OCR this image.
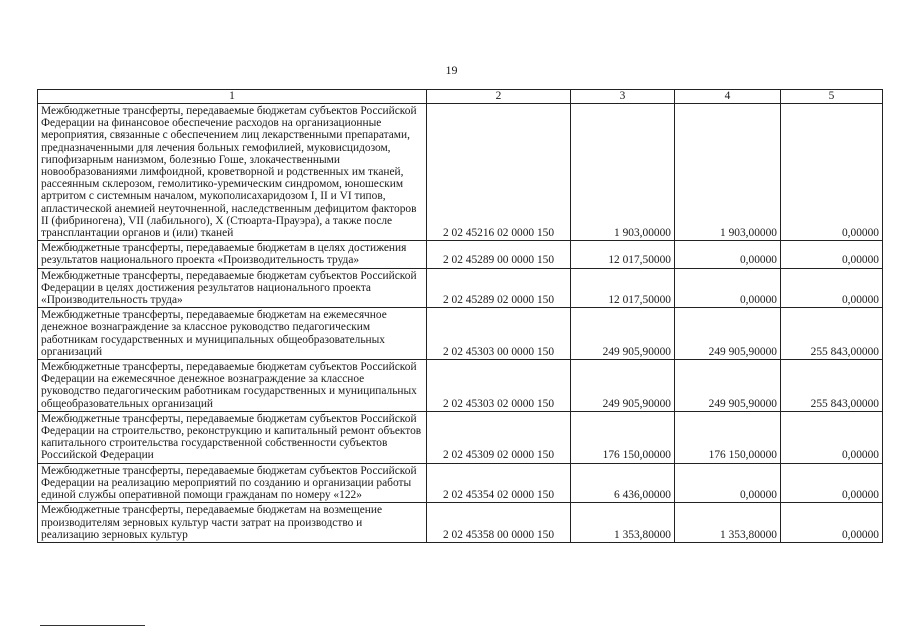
19
1	2	3	4	5
Межбюджетные трансферты, передаваемые бюджетам субъектов Российской Федерации на финансовое обеспечение расходов на организационные мероприятия, связанные с обеспечением лиц лекарственными препаратами, предназначенными для лечения больных гемофилией, муковисцидозом, гипофизарным нанизмом, болезнью Гоше, злокачественными новообразованиями лимфоидной, кроветворной и родственных им тканей, рассеянным склерозом, гемолитико-уремическим синдромом, юношеским артритом с системным началом, мукополисахаридозом I, II и VI типов, апластической анемией неуточненной, наследственным дефицитом факторов II (фибриногена), VII (лабильного), X (Стюарта-Прауэра), а также после трансплантации органов и (или) тканей	2 02 45216 02 0000 150	1 903,00000	1 903,00000	0,00000
Межбюджетные трансферты, передаваемые бюджетам в целях достижения результатов национального проекта «Производительность труда»	2 02 45289 00 0000 150	12 017,50000	0,00000	0,00000
Межбюджетные трансферты, передаваемые бюджетам субъектов Российской Федерации в целях достижения результатов национального проекта «Производительность труда»	2 02 45289 02 0000 150	12 017,50000	0,00000	0,00000
Межбюджетные трансферты, передаваемые бюджетам на ежемесячное денежное вознаграждение за классное руководство педагогическим работникам государственных и муниципальных общеобразовательных организаций	2 02 45303 00 0000 150	249 905,90000	249 905,90000	255 843,00000
Межбюджетные трансферты, передаваемые бюджетам субъектов Российской Федерации на ежемесячное денежное вознаграждение за классное руководство педагогическим работникам государственных и муниципальных общеобразовательных организаций	2 02 45303 02 0000 150	249 905,90000	249 905,90000	255 843,00000
Межбюджетные трансферты, передаваемые бюджетам субъектов Российской Федерации на строительство, реконструкцию и капитальный ремонт объектов капитального строительства государственной собственности субъектов Российской Федерации	2 02 45309 02 0000 150	176 150,00000	176 150,00000	0,00000
Межбюджетные трансферты, передаваемые бюджетам субъектов Российской Федерации на реализацию мероприятий по созданию и организации работы единой службы оперативной помощи гражданам по номеру «122»	2 02 45354 02 0000 150	6 436,00000	0,00000	0,00000
Межбюджетные трансферты, передаваемые бюджетам на возмещение производителям зерновых культур части затрат на производство и реализацию зерновых культур	2 02 45358 00 0000 150	1 353,80000	1 353,80000	0,00000
